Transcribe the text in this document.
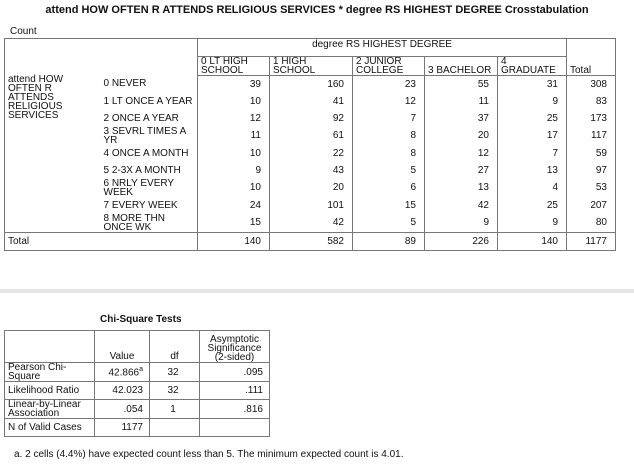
attend HOW OFTEN R ATTENDS RELIGIOUS SERVICES * degree RS HIGHEST DEGREE Crosstabulation
Count
		degree RS HIGHEST DEGREE					
		0 LT HIGH SCHOOL	1 HIGH SCHOOL	2 JUNIOR COLLEGE	3 BACHELOR	4 GRADUATE	Total
attend HOW OFTEN R ATTENDS RELIGIOUS SERVICES	0 NEVER	39	160	23	55	31	308
	1 LT ONCE A YEAR	10	41	12	11	9	83
	2 ONCE A YEAR	12	92	7	37	25	173
	3 SEVRL TIMES A YR	11	61	8	20	17	117
	4 ONCE A MONTH	10	22	8	12	7	59
	5 2-3X A MONTH	9	43	5	27	13	97
	6 NRLY EVERY WEEK	10	20	6	13	4	53
	7 EVERY WEEK	24	101	15	42	25	207
	8 MORE THN ONCE WK	15	42	5	9	9	80
Total		140	582	89	226	140	1177
Chi-Square Tests
	Value	df	Asymptotic Significance (2-sided)
Pearson Chi-Square	42.866$^a$	32	.095
Likelihood Ratio	42.023	32	.111
Linear-by-Linear Association	.054	1	.816
N of Valid Cases	1177		
a. 2 cells (4.4%) have expected count less than 5. The minimum expected count is 4.01.
